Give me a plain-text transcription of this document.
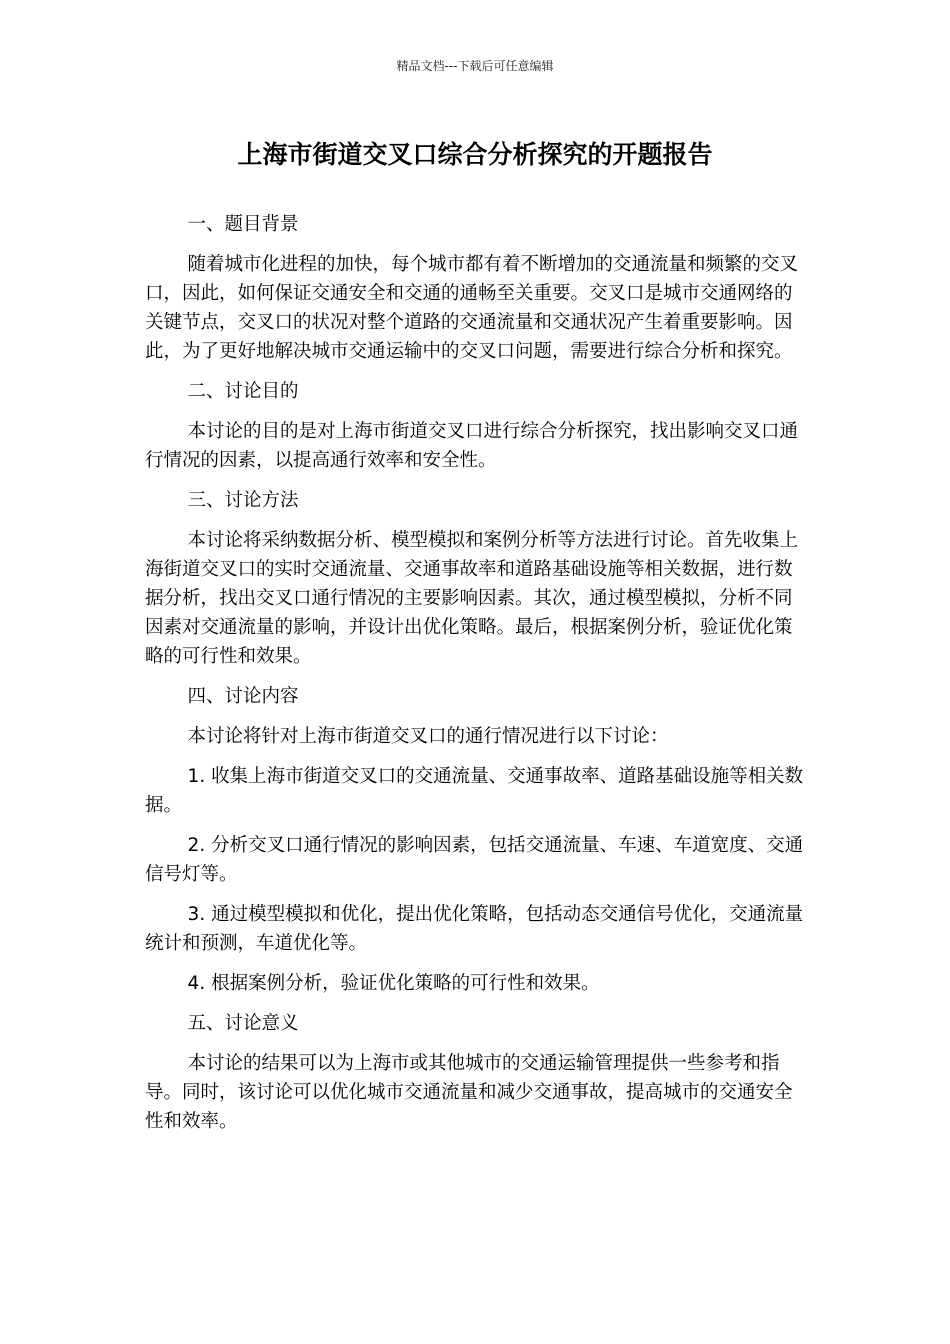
精品文档---下载后可任意编辑
上海市街道交叉口综合分析探究的开题报告

一、题目背景

随着城市化进程的加快，每个城市都有着不断增加的交通流量和频繁的交叉口，因此，如何保证交通安全和交通的通畅至关重要。交叉口是城市交通网络的关键节点，交叉口的状况对整个道路的交通流量和交通状况产生着重要影响。因此，为了更好地解决城市交通运输中的交叉口问题，需要进行综合分析和探究。

二、讨论目的

本讨论的目的是对上海市街道交叉口进行综合分析探究，找出影响交叉口通行情况的因素，以提高通行效率和安全性。

三、讨论方法

本讨论将采纳数据分析、模型模拟和案例分析等方法进行讨论。首先收集上海街道交叉口的实时交通流量、交通事故率和道路基础设施等相关数据，进行数据分析，找出交叉口通行情况的主要影响因素。其次，通过模型模拟，分析不同因素对交通流量的影响，并设计出优化策略。最后，根据案例分析，验证优化策略的可行性和效果。

四、讨论内容

本讨论将针对上海市街道交叉口的通行情况进行以下讨论：

1. 收集上海市街道交叉口的交通流量、交通事故率、道路基础设施等相关数据。

2. 分析交叉口通行情况的影响因素，包括交通流量、车速、车道宽度、交通信号灯等。

3. 通过模型模拟和优化，提出优化策略，包括动态交通信号优化，交通流量统计和预测，车道优化等。

4. 根据案例分析，验证优化策略的可行性和效果。

五、讨论意义

本讨论的结果可以为上海市或其他城市的交通运输管理提供一些参考和指导。同时，该讨论可以优化城市交通流量和减少交通事故，提高城市的交通安全性和效率。
